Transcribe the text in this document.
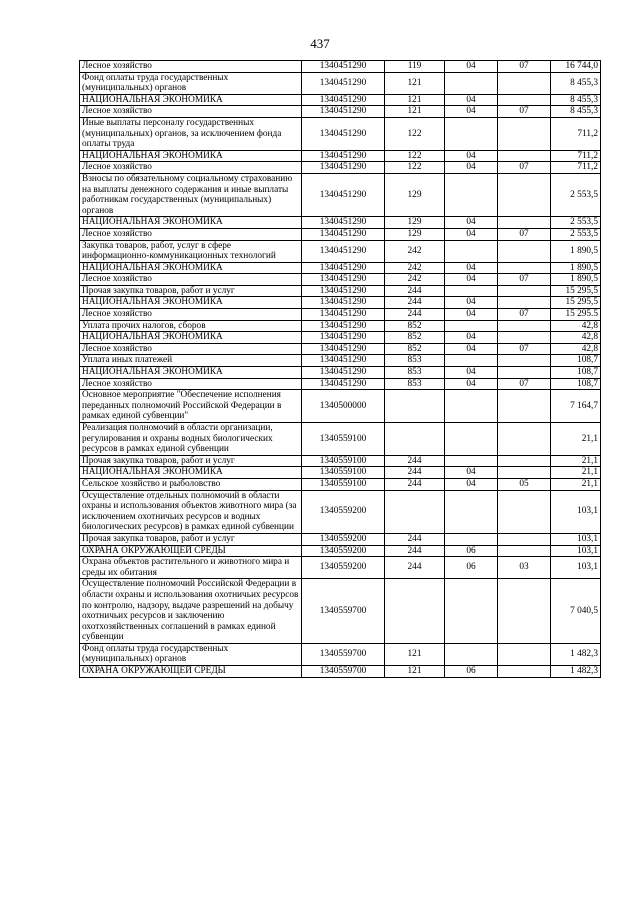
437
Лесное хозяйство	1340451290	119	04	07	16 744,0
Фонд оплаты труда государственных (муниципальных) органов	1340451290	121			8 455,3
НАЦИОНАЛЬНАЯ ЭКОНОМИКА	1340451290	121	04		8 455,3
Лесное хозяйство	1340451290	121	04	07	8 455,3
Иные выплаты персоналу государственных (муниципальных) органов, за исключением фонда оплаты труда	1340451290	122			711,2
НАЦИОНАЛЬНАЯ ЭКОНОМИКА	1340451290	122	04		711,2
Лесное хозяйство	1340451290	122	04	07	711,2
Взносы по обязательному социальному страхованию на выплаты денежного содержания и иные выплаты работникам государственных (муниципальных) органов	1340451290	129			2 553,5
НАЦИОНАЛЬНАЯ ЭКОНОМИКА	1340451290	129	04		2 553,5
Лесное хозяйство	1340451290	129	04	07	2 553,5
Закупка товаров, работ, услуг в сфере информационно-коммуникационных технологий	1340451290	242			1 890,5
НАЦИОНАЛЬНАЯ ЭКОНОМИКА	1340451290	242	04		1 890,5
Лесное хозяйство	1340451290	242	04	07	1 890,5
Прочая закупка товаров, работ и услуг	1340451290	244			15 295,5
НАЦИОНАЛЬНАЯ ЭКОНОМИКА	1340451290	244	04		15 295,5
Лесное хозяйство	1340451290	244	04	07	15 295.5
Уплата прочих налогов, сборов	1340451290	852			42,8
НАЦИОНАЛЬНАЯ ЭКОНОМИКА	1340451290	852	04		42,8
Лесное хозяйство	1340451290	852	04	07	42,8
Уплата иных платежей	1340451290	853			108,7
НАЦИОНАЛЬНАЯ ЭКОНОМИКА	1340451290	853	04		108,7
Лесное хозяйство	1340451290	853	04	07	108,7
Основное мероприятие "Обеспечение исполнения переданных полномочий Российской Федерации в рамках единой субвенции"	1340500000				7 164,7
Реализация полномочий в области организации, регулирования и охраны водных биологических ресурсов в рамках единой субвенции	1340559100				21,1
Прочая закупка товаров, работ и услуг	1340559100	244			21,1
НАЦИОНАЛЬНАЯ ЭКОНОМИКА	1340559100	244	04		21,1
Сельское хозяйство и рыболовство	1340559100	244	04	05	21,1
Осуществление отдельных полномочий в области охраны и использования объектов животного мира (за исключением охотничьих ресурсов и водных биологических ресурсов) в рамках единой субвенции	1340559200				103,1
Прочая закупка товаров, работ и услуг	1340559200	244			103,1
ОХРАНА ОКРУЖАЮЩЕЙ СРЕДЫ	1340559200	244	06		103,1
Охрана объектов растительного и животного мира и среды их обитания	1340559200	244	06	03	103,1
Осуществление полномочий Российской Федерации в области охраны и использования охотничьих ресурсов по контролю, надзору, выдаче разрешений на добычу охотничьих ресурсов и заключению охотхозяйственных соглашений в рамках единой субвенции	1340559700				7 040,5
Фонд оплаты труда государственных (муниципальных) органов	1340559700	121			1 482,3
ОХРАНА ОКРУЖАЮЩЕЙ СРЕДЫ	1340559700	121	06		1 482,3
